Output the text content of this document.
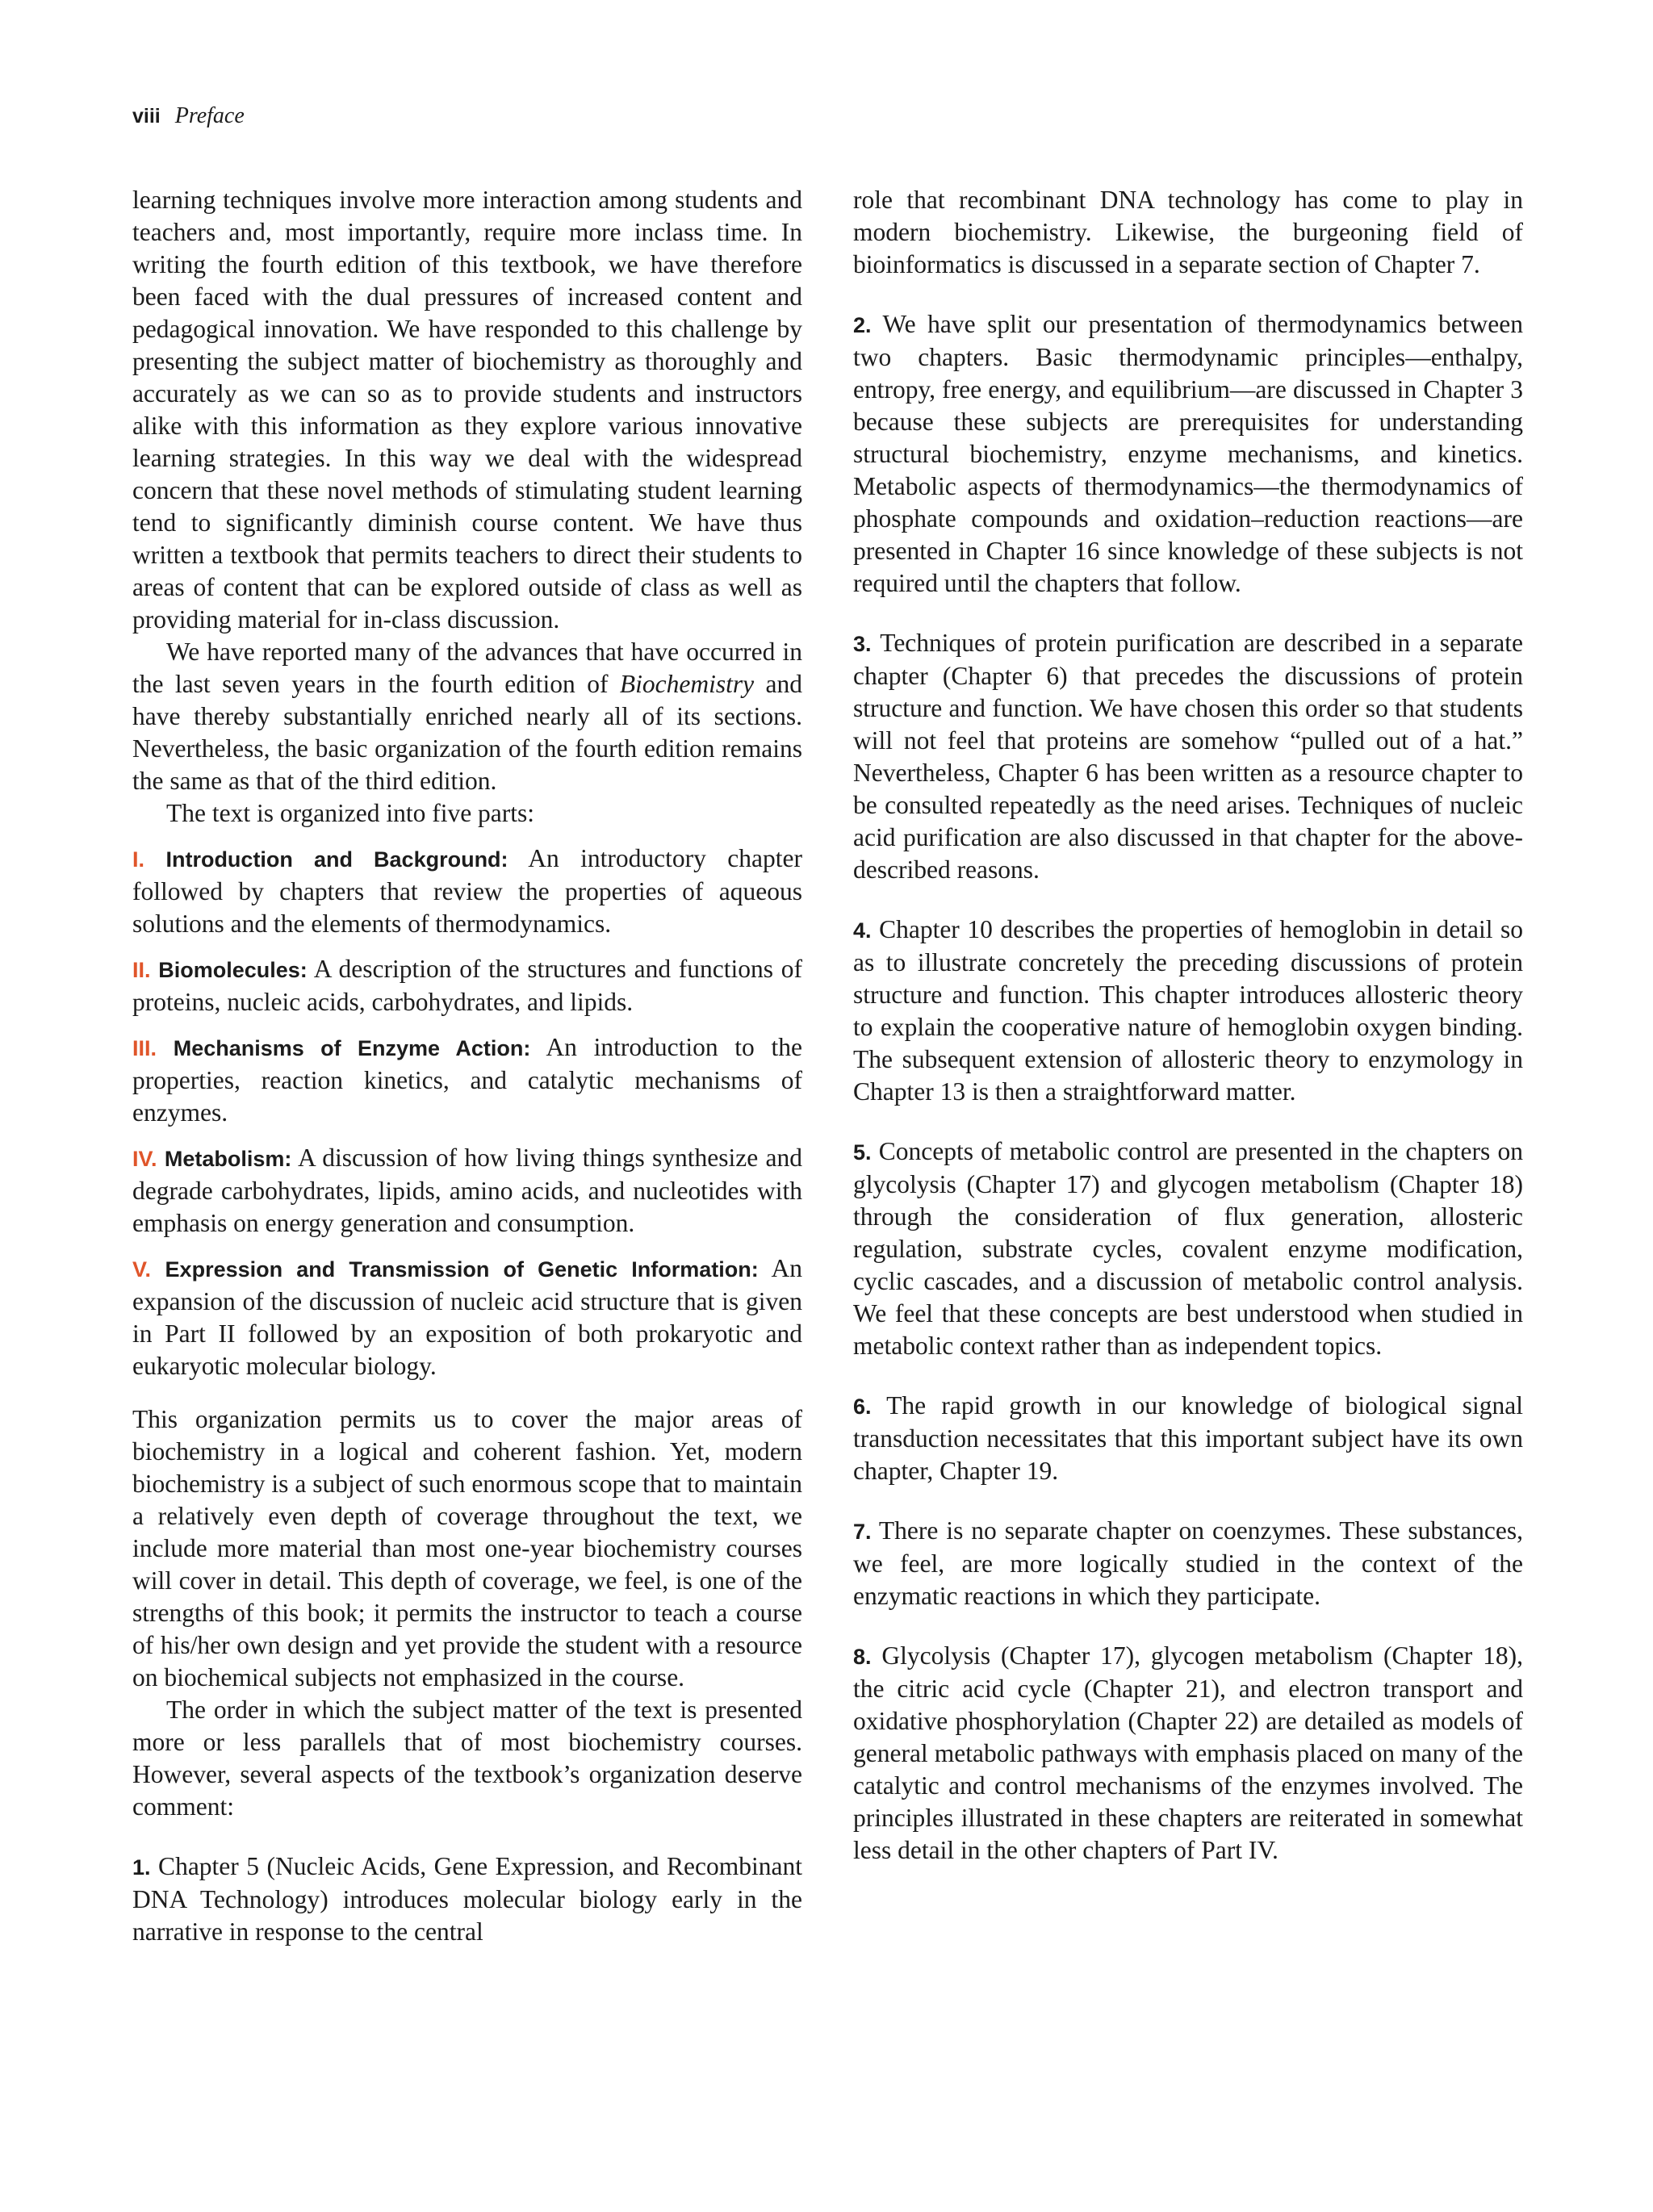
viii Preface

learning techniques involve more interaction among students and teachers and, most importantly, require more inclass time. In writing the fourth edition of this textbook, we have therefore been faced with the dual pressures of increased content and pedagogical innovation. We have responded to this challenge by presenting the subject matter of biochemistry as thoroughly and accurately as we can so as to provide students and instructors alike with this information as they explore various innovative learning strategies. In this way we deal with the widespread concern that these novel methods of stimulating student learning tend to significantly diminish course content. We have thus written a textbook that permits teachers to direct their students to areas of content that can be explored outside of class as well as providing material for in-class discussion.

We have reported many of the advances that have occurred in the last seven years in the fourth edition of Biochemistry and have thereby substantially enriched nearly all of its sections. Nevertheless, the basic organization of the fourth edition remains the same as that of the third edition.

The text is organized into five parts:

I. Introduction and Background: An introductory chapter followed by chapters that review the properties of aqueous solutions and the elements of thermodynamics.

II. Biomolecules: A description of the structures and functions of proteins, nucleic acids, carbohydrates, and lipids.

III. Mechanisms of Enzyme Action: An introduction to the properties, reaction kinetics, and catalytic mechanisms of enzymes.

IV. Metabolism: A discussion of how living things synthesize and degrade carbohydrates, lipids, amino acids, and nucleotides with emphasis on energy generation and consumption.

V. Expression and Transmission of Genetic Information: An expansion of the discussion of nucleic acid structure that is given in Part II followed by an exposition of both prokaryotic and eukaryotic molecular biology.

This organization permits us to cover the major areas of biochemistry in a logical and coherent fashion. Yet, modern biochemistry is a subject of such enormous scope that to maintain a relatively even depth of coverage throughout the text, we include more material than most one-year biochemistry courses will cover in detail. This depth of coverage, we feel, is one of the strengths of this book; it permits the instructor to teach a course of his/her own design and yet provide the student with a resource on biochemical subjects not emphasized in the course.

The order in which the subject matter of the text is presented more or less parallels that of most biochemistry courses. However, several aspects of the textbook’s organization deserve comment:

1. Chapter 5 (Nucleic Acids, Gene Expression, and Recombinant DNA Technology) introduces molecular biology early in the narrative in response to the central

role that recombinant DNA technology has come to play in modern biochemistry. Likewise, the burgeoning field of bioinformatics is discussed in a separate section of Chapter 7.

2. We have split our presentation of thermodynamics between two chapters. Basic thermodynamic principles—enthalpy, entropy, free energy, and equilibrium—are discussed in Chapter 3 because these subjects are prerequisites for understanding structural biochemistry, enzyme mechanisms, and kinetics. Metabolic aspects of thermodynamics—the thermodynamics of phosphate compounds and oxidation–reduction reactions—are presented in Chapter 16 since knowledge of these subjects is not required until the chapters that follow.

3. Techniques of protein purification are described in a separate chapter (Chapter 6) that precedes the discussions of protein structure and function. We have chosen this order so that students will not feel that proteins are somehow “pulled out of a hat.” Nevertheless, Chapter 6 has been written as a resource chapter to be consulted repeatedly as the need arises. Techniques of nucleic acid purification are also discussed in that chapter for the above-described reasons.

4. Chapter 10 describes the properties of hemoglobin in detail so as to illustrate concretely the preceding discussions of protein structure and function. This chapter introduces allosteric theory to explain the cooperative nature of hemoglobin oxygen binding. The subsequent extension of allosteric theory to enzymology in Chapter 13 is then a straightforward matter.

5. Concepts of metabolic control are presented in the chapters on glycolysis (Chapter 17) and glycogen metabolism (Chapter 18) through the consideration of flux generation, allosteric regulation, substrate cycles, covalent enzyme modification, cyclic cascades, and a discussion of metabolic control analysis. We feel that these concepts are best understood when studied in metabolic context rather than as independent topics.

6. The rapid growth in our knowledge of biological signal transduction necessitates that this important subject have its own chapter, Chapter 19.

7. There is no separate chapter on coenzymes. These substances, we feel, are more logically studied in the context of the enzymatic reactions in which they participate.

8. Glycolysis (Chapter 17), glycogen metabolism (Chapter 18), the citric acid cycle (Chapter 21), and electron transport and oxidative phosphorylation (Chapter 22) are detailed as models of general metabolic pathways with emphasis placed on many of the catalytic and control mechanisms of the enzymes involved. The principles illustrated in these chapters are reiterated in somewhat less detail in the other chapters of Part IV.
